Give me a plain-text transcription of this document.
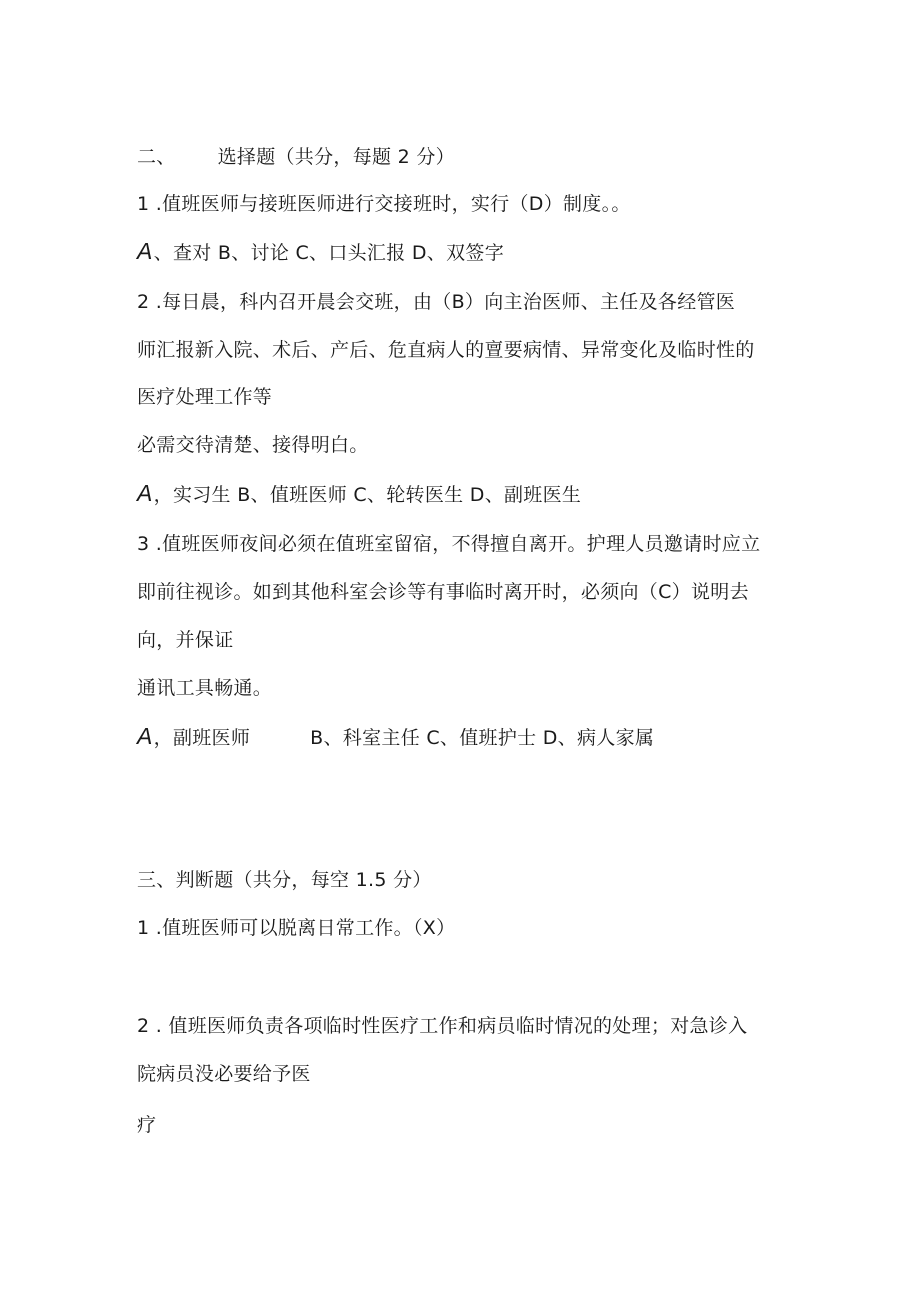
二、 选择题（共分，每题 2 分）
1 .值班医师与接班医师进行交接班时，实行（D）制度。。
A、查对 B、讨论 C、口头汇报 D、双签字
2 .每日晨，科内召开晨会交班，由（B）向主治医师、主任及各经管医
师汇报新入院、术后、产后、危直病人的亶要病情、异常变化及临时性的
医疗处理工作等
必需交待清楚、接得明白。
A，实习生 B、值班医师 C、轮转医生 D、副班医生
3 .值班医师夜间必须在值班室留宿，不得擅自离开。护理人员邀请时应立
即前往视诊。如到其他科室会诊等有事临时离开时，必须向（C）说明去
向，并保证
通讯工具畅通。
A，副班医师	B、科室主任 C、值班护士 D、病人家属
三、判断题（共分，每空 1.5 分）
1 .值班医师可以脱离日常工作。（X）
2 . 值班医师负责各项临时性医疗工作和病员临时情况的处理；对急诊入
院病员没必要给予医
疗
